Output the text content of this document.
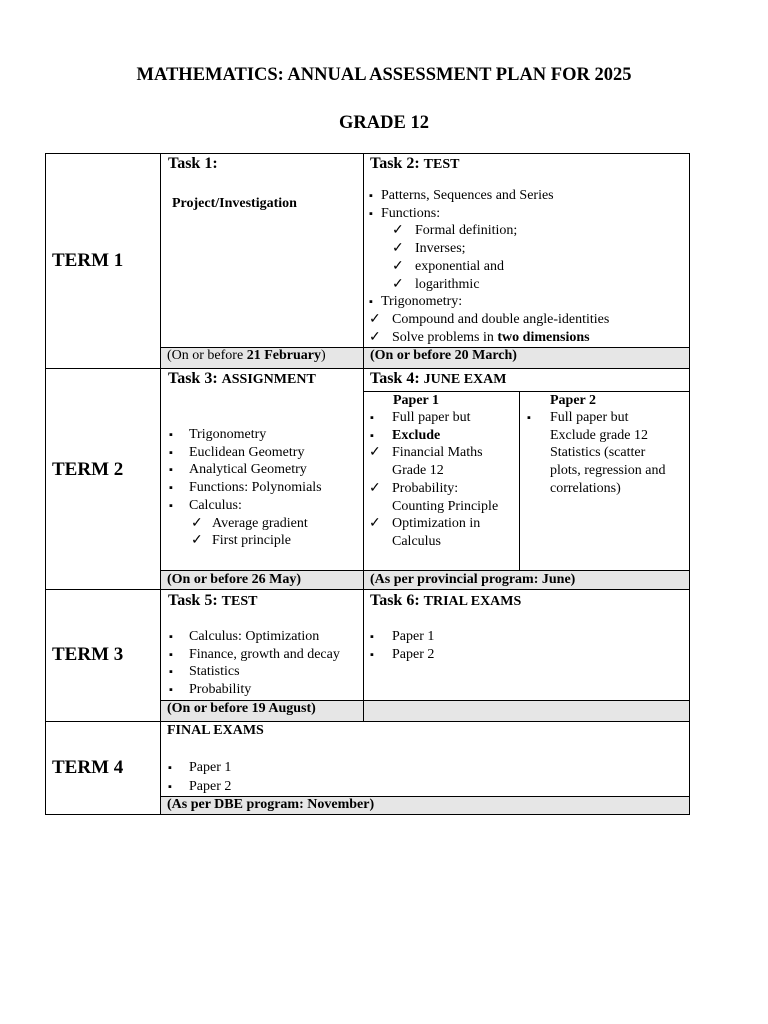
MATHEMATICS: ANNUAL ASSESSMENT PLAN FOR 2025
GRADE 12
TERM 1
TERM 2
TERM 3
TERM 4
Task 1:
Project/Investigation
(On or before 21 February)
Task 2: TEST
▪ Patterns, Sequences and Series
▪ Functions:
✓ Formal definition;
✓ Inverses;
✓ exponential and
✓ logarithmic
▪ Trigonometry:
✓ Compound and double angle-identities
✓ Solve problems in two dimensions
(On or before 20 March)
Task 3: ASSIGNMENT
▪ Trigonometry
▪ Euclidean Geometry
▪ Analytical Geometry
▪ Functions: Polynomials
▪ Calculus:
✓ Average gradient
✓ First principle
(On or before 26 May)
Task 4: JUNE EXAM
Paper 1
▪ Full paper but
▪ Exclude
✓ Financial Maths
Grade 12
✓ Probability:
Counting Principle
✓ Optimization in
Calculus
Paper 2
▪ Full paper but
Exclude grade 12
Statistics (scatter
plots, regression and
correlations)
(As per provincial program: June)
Task 5: TEST
▪ Calculus: Optimization
▪ Finance, growth and decay
▪ Statistics
▪ Probability
(On or before 19 August)
Task 6: TRIAL EXAMS
▪ Paper 1
▪ Paper 2
FINAL EXAMS
▪ Paper 1
▪ Paper 2
(As per DBE program: November)
